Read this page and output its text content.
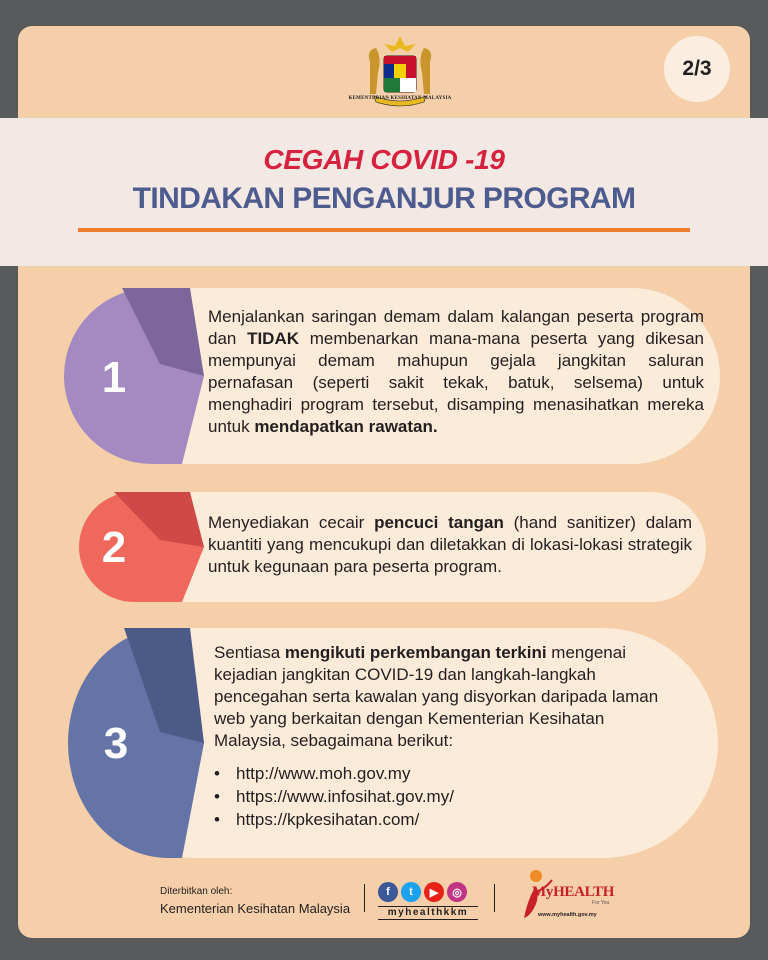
KEMENTERIAN KESIHATAN MALAYSIA
2/3
CEGAH COVID -19
TINDAKAN PENGANJUR PROGRAM
1
Menjalankan saringan demam dalam kalangan peserta program dan TIDAK membenarkan mana-mana peserta yang dikesan mempunyai demam mahupun gejala jangkitan saluran pernafasan (seperti sakit tekak, batuk, selsema) untuk menghadiri program tersebut, disamping menasihatkan mereka untuk mendapatkan rawatan.
2
Menyediakan cecair pencuci tangan (hand sanitizer) dalam kuantiti yang mencukupi dan diletakkan di lokasi-lokasi strategik untuk kegunaan para peserta program.
3
Sentiasa mengikuti perkembangan terkini mengenai kejadian jangkitan COVID-19 dan langkah-langkah pencegahan serta kawalan yang disyorkan daripada laman web yang berkaitan dengan Kementerian Kesihatan Malaysia, sebagaimana berikut:
• http://www.moh.gov.my
• https://www.infosihat.gov.my/
• https://kpkesihatan.com/
Diterbitkan oleh:
Kementerian Kesihatan Malaysia
f	t	▶	◎
myhealthkkm
MyHEALTH
For You
www.myhealth.gov.my
